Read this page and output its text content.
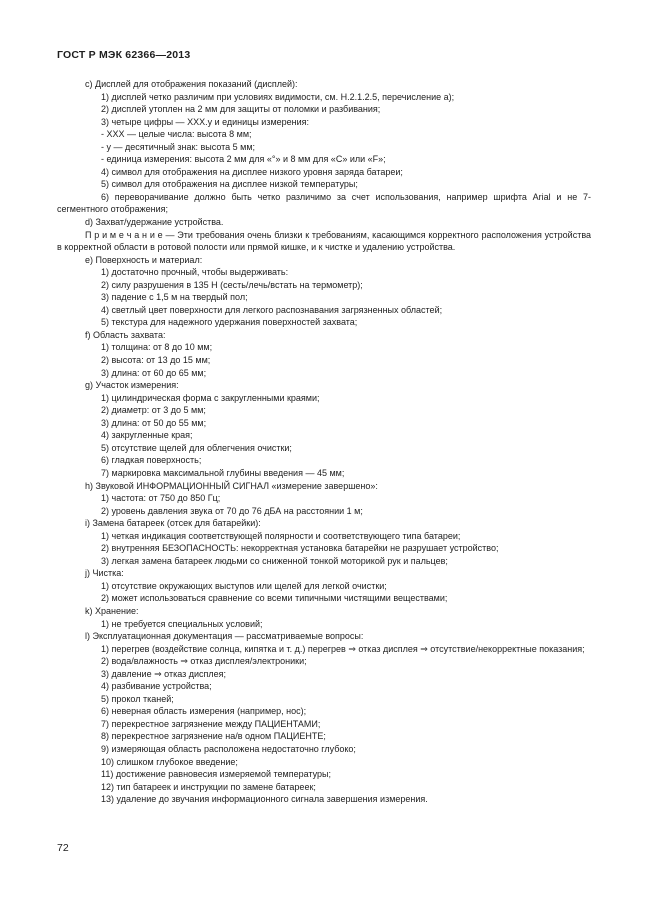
ГОСТ Р МЭК 62366—2013
c) Дисплей для отображения показаний (дисплей):
1) дисплей четко различим при условиях видимости, см. Н.2.1.2.5, перечисление a);
2) дисплей утоплен на 2 мм для защиты от поломки и разбивания;
3) четыре цифры — XXX.y и единицы измерения:
- XXX — целые числа: высота 8 мм;
- y — десятичный знак: высота 5 мм;
- единица измерения: высота 2 мм для «°» и 8 мм для «C» или «F»;
4) символ для отображения на дисплее низкого уровня заряда батареи;
5) символ для отображения на дисплее низкой температуры;
6) переворачивание должно быть четко различимо за счет использования, например шрифта Arial и не 7-сегментного отображения;
d) Захват/удержание устройства.
П р и м е ч а н и е — Эти требования очень близки к требованиям, касающимся корректного расположения устройства в корректной области в ротовой полости или прямой кишке, и к чистке и удалению устройства.
e) Поверхность и материал:
1) достаточно прочный, чтобы выдерживать:
2) силу разрушения в 135 Н (сесть/лечь/встать на термометр);
3) падение с 1,5 м на твердый пол;
4) светлый цвет поверхности для легкого распознавания загрязненных областей;
5) текстура для надежного удержания поверхностей захвата;
f) Область захвата:
1) толщина: от 8 до 10 мм;
2) высота: от 13 до 15 мм;
3) длина: от 60 до 65 мм;
g) Участок измерения:
1) цилиндрическая форма с закругленными краями;
2) диаметр: от 3 до 5 мм;
3) длина: от 50 до 55 мм;
4) закругленные края;
5) отсутствие щелей для облегчения очистки;
6) гладкая поверхность;
7) маркировка максимальной глубины введения — 45 мм;
h) Звуковой ИНФОРМАЦИОННЫЙ СИГНАЛ «измерение завершено»:
1) частота: от 750 до 850 Гц;
2) уровень давления звука от 70 до 76 дБА на расстоянии 1 м;
i) Замена батареек (отсек для батарейки):
1) четкая индикация соответствующей полярности и соответствующего типа батареи;
2) внутренняя БЕЗОПАСНОСТЬ: некорректная установка батарейки не разрушает устройство;
3) легкая замена батареек людьми со сниженной тонкой моторикой рук и пальцев;
j) Чистка:
1) отсутствие окружающих выступов или щелей для легкой очистки;
2) может использоваться сравнение со всеми типичными чистящими веществами;
k) Хранение:
1) не требуется специальных условий;
l) Эксплуатационная документация — рассматриваемые вопросы:
1) перегрев (воздействие солнца, кипятка и т. д.) перегрев ⇒ отказ дисплея ⇒ отсутствие/некорректные показания;
2) вода/влажность ⇒ отказ дисплея/электроники;
3) давление ⇒ отказ дисплея;
4) разбивание устройства;
5) прокол тканей;
6) неверная область измерения (например, нос);
7) перекрестное загрязнение между ПАЦИЕНТАМИ;
8) перекрестное загрязнение на/в одном ПАЦИЕНТЕ;
9) измеряющая область расположена недостаточно глубоко;
10) слишком глубокое введение;
11) достижение равновесия измеряемой температуры;
12) тип батареек и инструкции по замене батареек;
13) удаление до звучания информационного сигнала завершения измерения.
72
